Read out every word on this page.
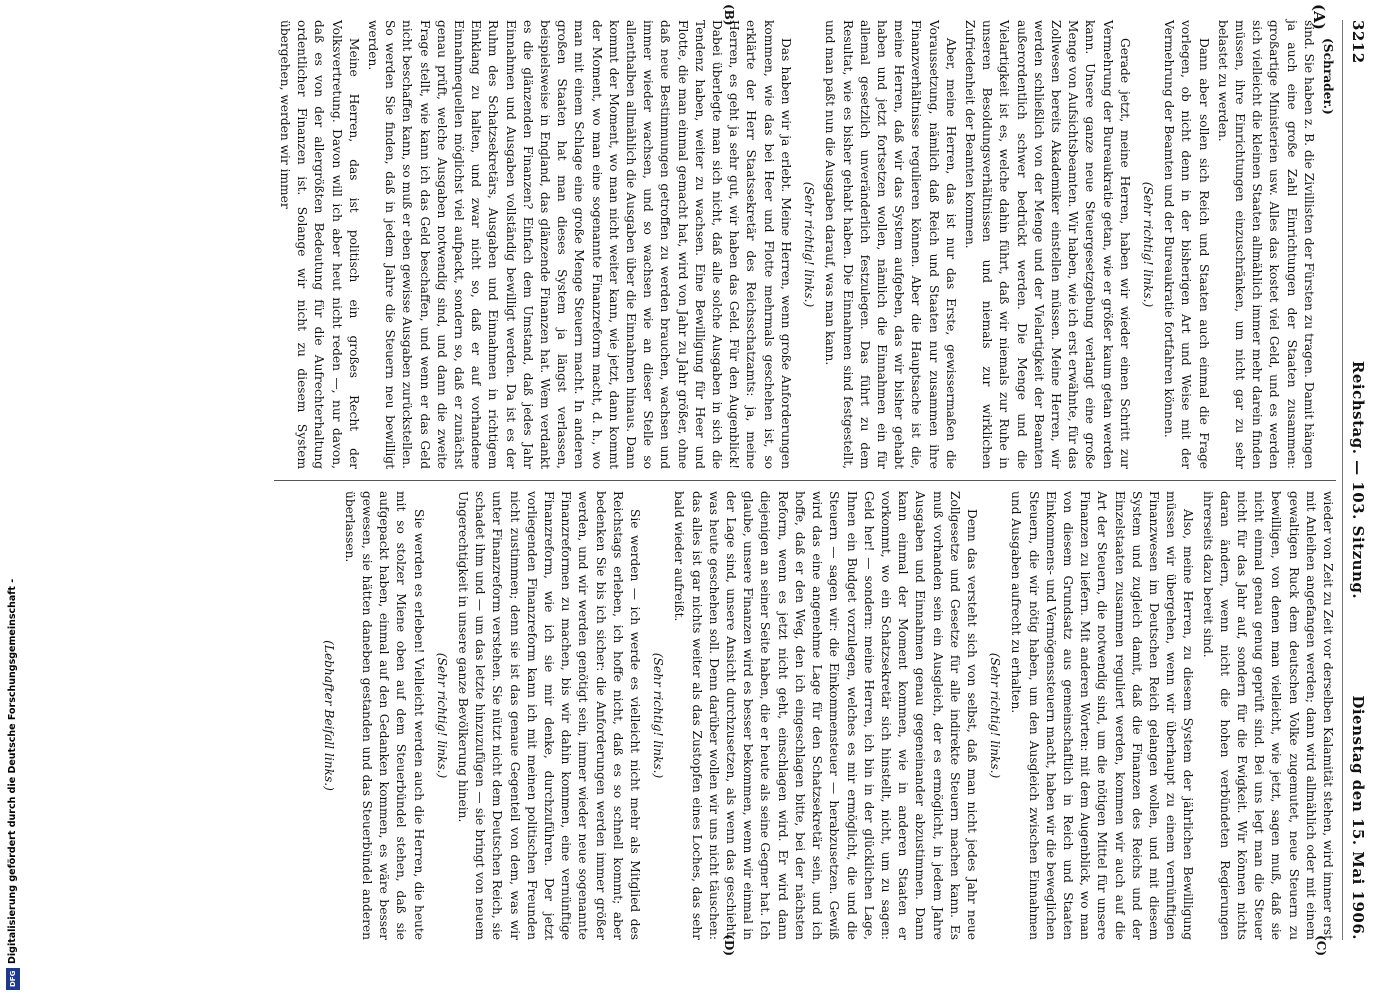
3212
Reichstag. — 103. Sitzung.
Dienstag den 15. Mai 1906.
(A)
(B)
(C)
(D)

(Schrader.)

sind. Sie haben z. B. die Zivillisten der Fürsten zu tragen. Damit hängen ja auch eine große Zahl Einrichtungen der Staaten zusammen: großartige Ministerien usw. Alles das kostet viel Geld, und es werden sich vielleicht die kleinen Staaten allmählich immer mehr darein finden müssen, ihre Einrichtungen einzuschränken, um nicht gar zu sehr belastet zu werden.

Dann aber sollen sich Reich und Staaten auch einmal die Frage vorlegen, ob nicht denn in der bisherigen Art und Weise mit der Vermehrung der Beamten und der Bureaukratie fortfahren können.

(Sehr richtig! links.)

Gerade jetzt, meine Herren, haben wir wieder einen Schritt zur Vermehrung der Bureaukratie getan, wie er größer kaum getan werden kann. Unsere ganze neue Steuergesetzgebung verlangt eine große Menge von Aufsichtsbeamten. Wir haben, wie ich erst erwähnte, für das Zollwesen bereits Akademiker einstellen müssen. Meine Herren, wir werden schließlich von der Menge und der Vielartigkeit der Beamten außerordentlich schwer bedrückt werden. Die Menge und die Vielartigkeit ist es, welche dahin führt, daß wir niemals zur Ruhe in unseren Besoldungsverhältnissen und niemals zur wirklichen Zufriedenheit der Beamten kommen.

Aber, meine Herren, das ist nur das Erste, gewissermaßen die Voraussetzung, nämlich daß Reich und Staaten nur zusammen ihre Finanzverhältnisse regulieren können. Aber die Hauptsache ist die, meine Herren, daß wir das System aufgeben, das wir bisher gehabt haben und jetzt fortsetzen wollen, nämlich die Einnahmen ein für allemal gesetzlich unveränderlich festzulegen. Das führt zu dem Resultat, wie es bisher gehabt haben. Die Einnahmen sind festgestellt, und man paßt nun die Ausgaben darauf, was man kann.

(Sehr richtig! links.)

Das haben wir ja erlebt. Meine Herren, wenn große Anforderungen kommen, wie das bei Heer und Flotte mehrmals geschehen ist, so erklärte der Herr Staatssekretär des Reichsschatzamts: ja, meine Herren, es geht ja sehr gut, wir haben das Geld. Für den Augenblick! Dabei überlegte man sich nicht, daß alle solche Ausgaben in sich die Tendenz haben, weiter zu wachsen. Eine Bewilligung für Heer und Flotte, die man einmal gemacht hat, wird von Jahr zu Jahr größer, ohne daß neue Bestimmungen getroffen zu werden brauchen, wachsen und immer wieder wachsen, und so wachsen wie an dieser Stelle so allenthalben allmählich die Ausgaben über die Einnahmen hinaus. Dann kommt der Moment, wo man nicht weiter kann, wie jetzt, dann kommt der Moment, wo man eine sogenannte Finanzreform macht, d. h., wo man mit einem Schlage eine große Menge Steuern macht. In anderen großen Staaten hat man dieses System ja längst verlassen, beispielsweise in England, das glänzende Finanzen hat. Wem verdankt es die glänzenden Finanzen? Einfach dem Umstand, daß jedes Jahr Einnahmen und Ausgaben vollständig bewilligt werden. Da ist es der Ruhm des Schatzsekretärs, Ausgaben und Einnahmen in richtigem Einklang zu halten, und zwar nicht so, daß er auf vorhandene Einnahmequellen möglichst viel aufpackt, sondern so, daß er zunächst genau prüft, welche Ausgaben notwendig sind, und dann die zweite Frage stellt, wie kann ich das Geld beschaffen, und wenn er das Geld nicht beschaffen kann, so muß er eben gewisse Ausgaben zurückstellen. So werden Sie finden, daß in jedem Jahre die Steuern neu bewilligt werden.

Meine Herren, das ist politisch ein großes Recht der Volksvertretung. Davon will ich aber heut nicht reden —, nur davon, daß es von der allergrößten Bedeutung für die Aufrechterhaltung ordentlicher Finanzen ist. Solange wir nicht zu diesem System übergehen, werden wir immer

wieder von Zeit zu Zeit vor derselben Kalamität stehen, wird immer erst mit Anleihen angefangen werden; dann wird allmählich oder mit einem gewaltigen Ruck dem deutschen Volke zugemutet, neue Steuern zu bewilligen, von denen man vielleicht, wie jetzt, sagen muß, daß sie nicht einmal genau genug geprüft sind. Bei uns legt man die Steuer nicht für das Jahr auf, sondern für die Ewigkeit. Wir können nichts daran ändern, wenn nicht die hohen verbündeten Regierungen ihrerseits dazu bereit sind.

Also, meine Herren, zu diesem System der jährlichen Bewilligung müssen wir übergehen, wenn wir überhaupt zu einem vernünftigen Finanzwesen im Deutschen Reich gelangen wollen, und mit diesem System und zugleich damit, daß die Finanzen des Reichs und der Einzelstaaten zusammen reguliert werden, kommen wir auch auf die Art der Steuern, die notwendig sind, um die nötigen Mittel für unsere Finanzen zu liefern. Mit anderen Worten: mit dem Augenblick, wo man von diesem Grundsatz aus gemeinschaftlich in Reich und Staaten Einkommens- und Vermögenssteuern macht, haben wir die beweglichen Steuern, die wir nötig haben, um den Ausgleich zwischen Einnahmen und Ausgaben aufrecht zu erhalten.

(Sehr richtig! links.)

Denn das versteht sich von selbst, daß man nicht jedes Jahr neue Zollgesetze und Gesetze für alle indirekte Steuern machen kann. Es muß vorhanden sein ein Ausgleich, der es ermöglicht, in jedem Jahre Ausgaben und Einnahmen genau gegeneinander abzustimmen. Dann kann einmal der Moment kommen, wie in anderen Staaten er vorkommt, wo ein Schatzsekretär sich hinstellt, nicht, um zu sagen: Geld her! — sondern: meine Herren, ich bin in der glücklichen Lage, Ihnen ein Budget vorzulegen, welches es mir ermöglicht, die und die Steuern — sagen wir: die Einkommensteuer — herabzusetzen. Gewiß wird das eine angenehme Lage für den Schatzsekretär sein, und ich hoffe, daß er den Weg, den ich eingeschlagen bitte, bei der nächsten Reform, wenn es jetzt nicht geht, einschlagen wird. Er wird dann diejenigen an seiner Seite haben, die er heute als seine Gegner hat. Ich glaube, unsere Finanzen wird es besser bekommen, wenn wir einmal in der Lage sind, unsere Ansicht durchzusetzen, als wenn das geschieht, was heute geschehen soll. Denn darüber wollen wir uns nicht täuschen: das alles ist gar nichts weiter als das Zustopfen eines Loches, das sehr bald wieder aufreißt.

(Sehr richtig! links.)

Sie werden — ich werde es vielleicht nicht mehr als Mitglied des Reichstags erleben, ich hoffe nicht, daß es so schnell kommt; aber bedenken Sie bis ich sicher: die Anforderungen werden immer größer werden, und wir werden genötigt sein, immer wieder neue sogenannte Finanzreformen zu machen, bis wir dahin kommen, eine vernünftige Finanzreform, wie ich sie mir denke, durchzuführen. Der jetzt vorliegenden Finanzreform kann ich mit meinen politischen Freunden nicht zustimmen; denn sie ist das genaue Gegenteil von dem, was wir unter Finanzreform verstehen. Sie nützt nicht dem Deutschen Reich, sie schadet ihm und — um das letzte hinzuzufügen — sie bringt von neuem Ungerechtigkeit in unsere ganze Bevölkerung hinein.

(Sehr richtig! links.)

Sie werden es erleben! Vielleicht werden auch die Herren, die heute mit so stolzer Miene oben auf dem Steuerbündel stehen, daß sie aufgepackt haben, einmal auf den Gedanken kommen, es wäre besser gewesen, sie hätten daneben gestanden und das Steuerbündel anderen überlassen.

(Lebhafter Beifall links.)

Digitalisierung gefördert durch die Deutsche Forschungsgemeinschaft -
DFG
